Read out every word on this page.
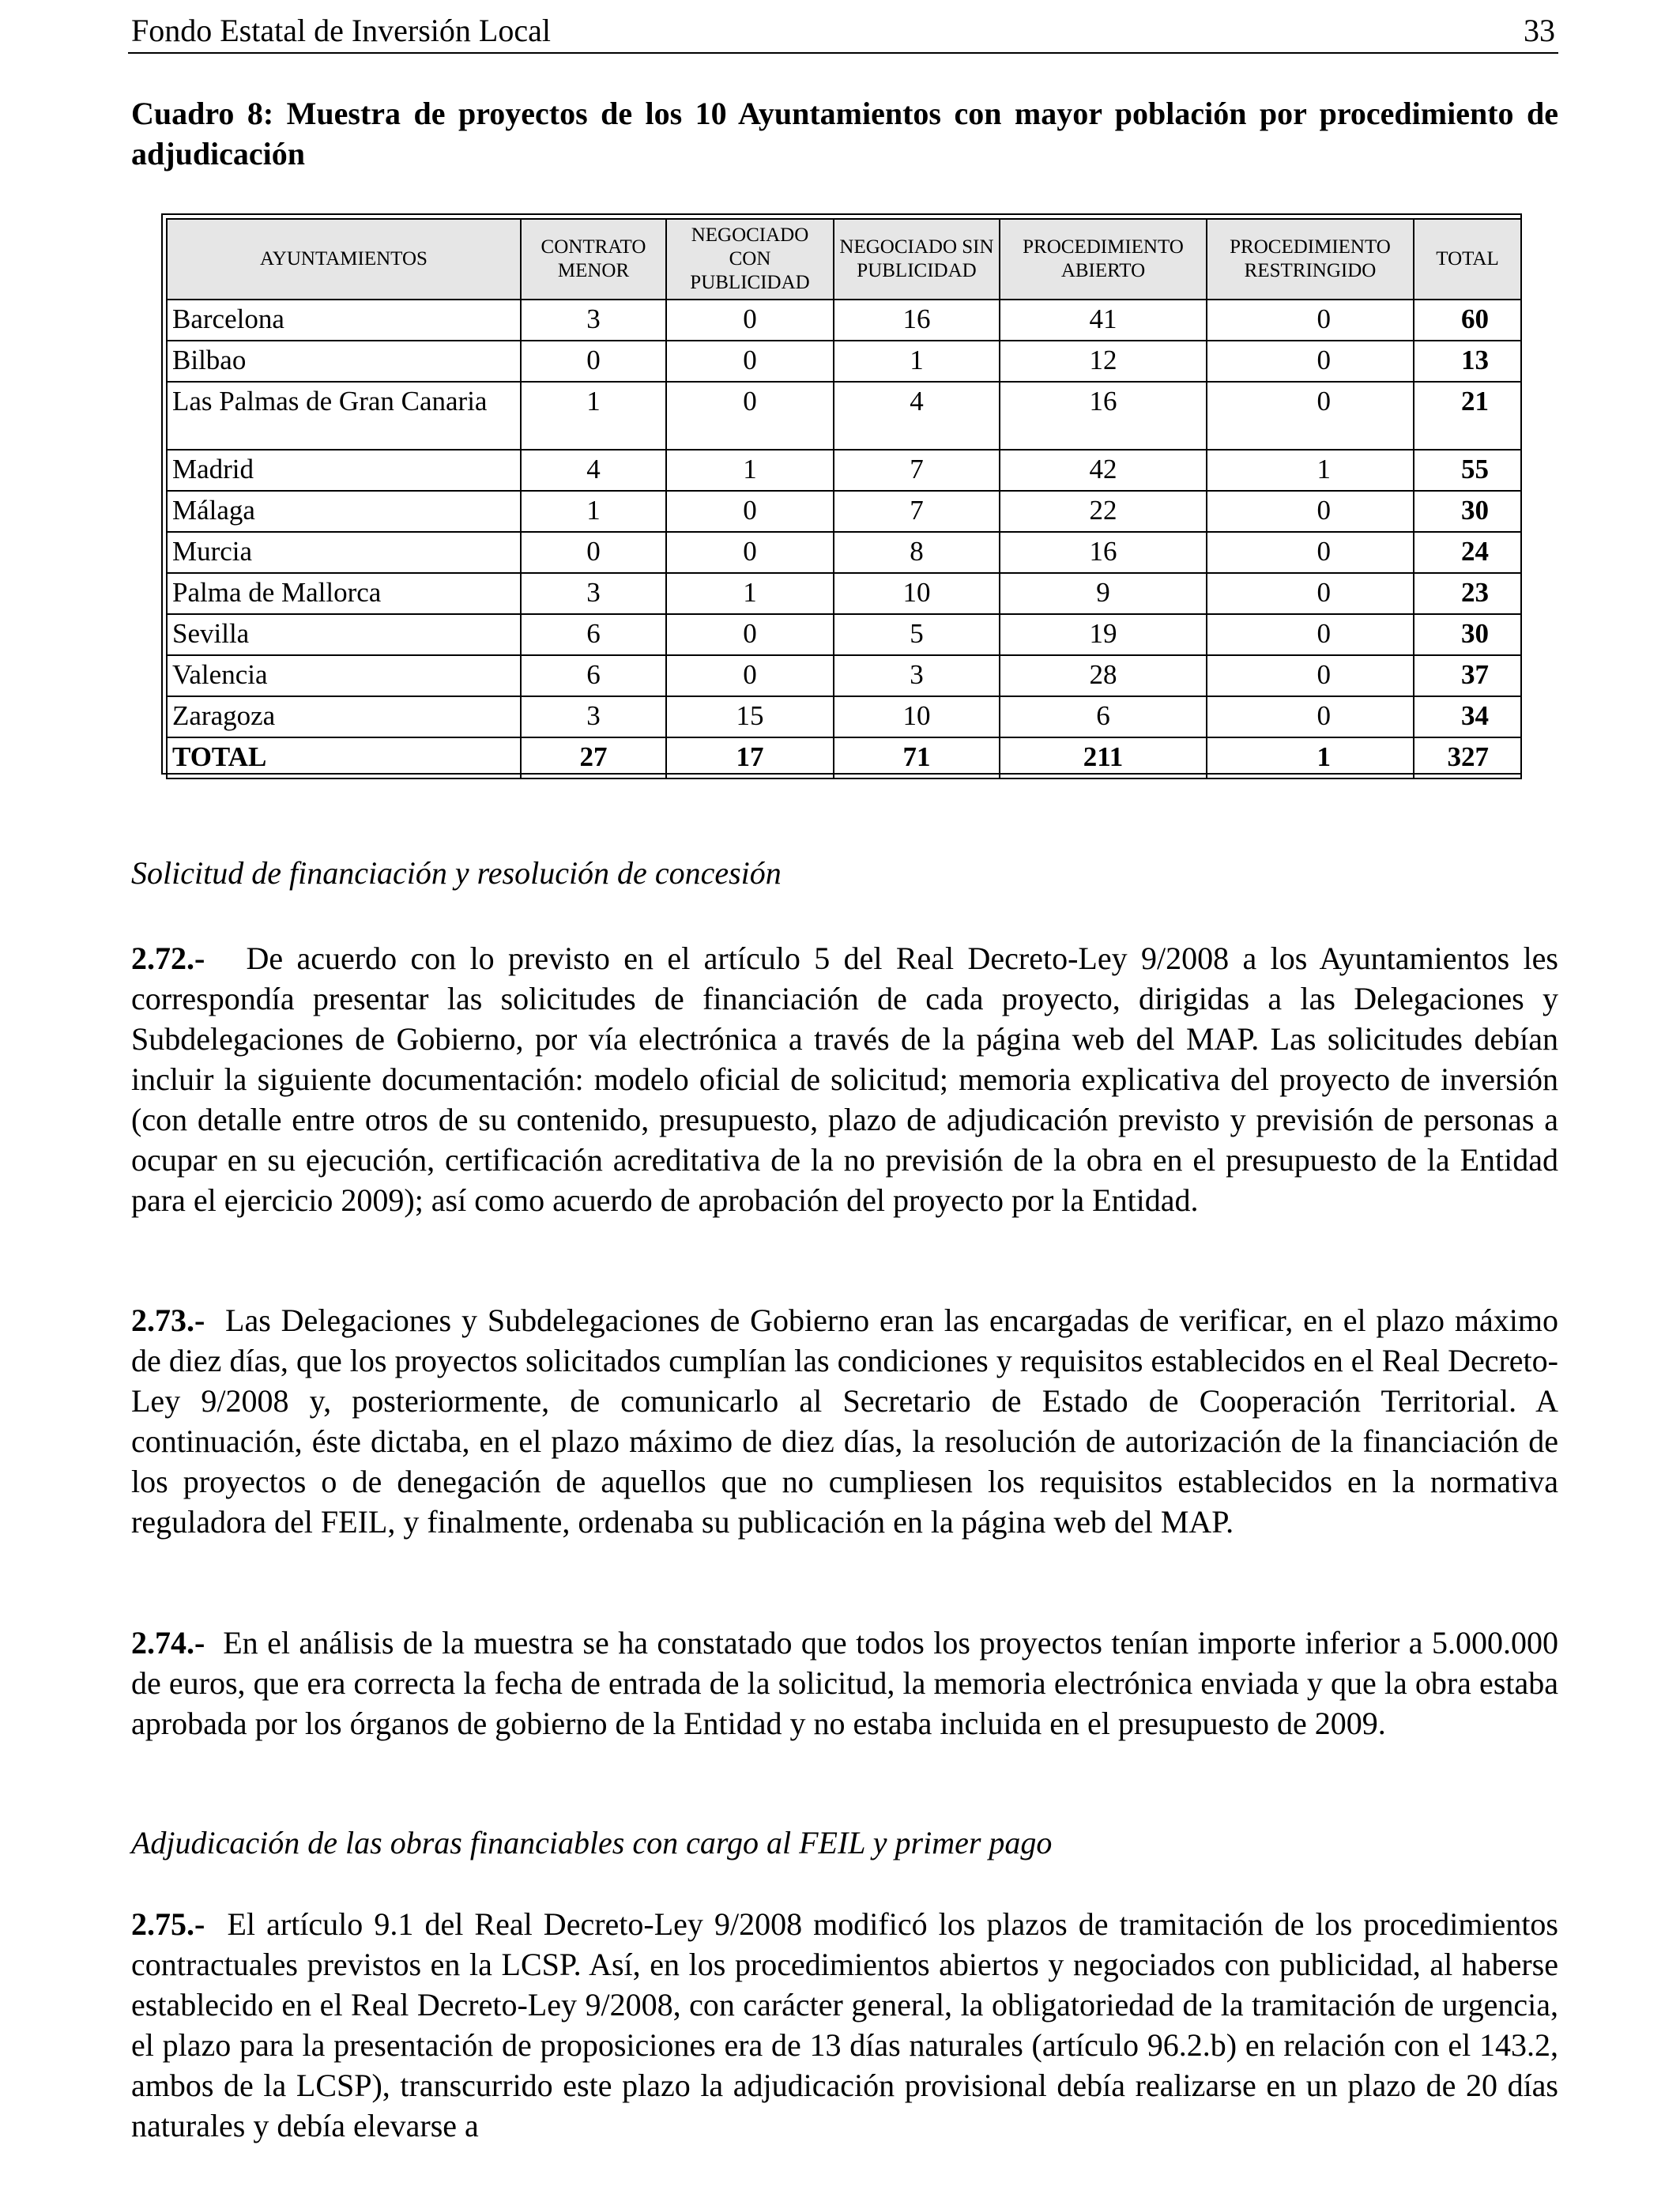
Fondo Estatal de Inversión Local	33
Cuadro 8: Muestra de proyectos de los 10 Ayuntamientos con mayor población por procedimiento de adjudicación
AYUNTAMIENTOS	CONTRATO MENOR	NEGOCIADO CON PUBLICIDAD	NEGOCIADO SIN PUBLICIDAD	PROCEDIMIENTO ABIERTO	PROCEDIMIENTO RESTRINGIDO	TOTAL
Barcelona	3	0	16	41	0	60
Bilbao	0	0	1	12	0	13
Las Palmas de Gran Canaria	1	0	4	16	0	21
Madrid	4	1	7	42	1	55
Málaga	1	0	7	22	0	30
Murcia	0	0	8	16	0	24
Palma de Mallorca	3	1	10	9	0	23
Sevilla	6	0	5	19	0	30
Valencia	6	0	3	28	0	37
Zaragoza	3	15	10	6	0	34
TOTAL	27	17	71	211	1	327
Solicitud de financiación y resolución de concesión
2.72.- De acuerdo con lo previsto en el artículo 5 del Real Decreto-Ley 9/2008 a los Ayuntamientos les correspondía presentar las solicitudes de financiación de cada proyecto, dirigidas a las Delegaciones y Subdelegaciones de Gobierno, por vía electrónica a través de la página web del MAP. Las solicitudes debían incluir la siguiente documentación: modelo oficial de solicitud; memoria explicativa del proyecto de inversión (con detalle entre otros de su contenido, presupuesto, plazo de adjudicación previsto y previsión de personas a ocupar en su ejecución, certificación acreditativa de la no previsión de la obra en el presupuesto de la Entidad para el ejercicio 2009); así como acuerdo de aprobación del proyecto por la Entidad.
2.73.- Las Delegaciones y Subdelegaciones de Gobierno eran las encargadas de verificar, en el plazo máximo de diez días, que los proyectos solicitados cumplían las condiciones y requisitos establecidos en el Real Decreto-Ley 9/2008 y, posteriormente, de comunicarlo al Secretario de Estado de Cooperación Territorial. A continuación, éste dictaba, en el plazo máximo de diez días, la resolución de autorización de la financiación de los proyectos o de denegación de aquellos que no cumpliesen los requisitos establecidos en la normativa reguladora del FEIL, y finalmente, ordenaba su publicación en la página web del MAP.
2.74.- En el análisis de la muestra se ha constatado que todos los proyectos tenían importe inferior a 5.000.000 de euros, que era correcta la fecha de entrada de la solicitud, la memoria electrónica enviada y que la obra estaba aprobada por los órganos de gobierno de la Entidad y no estaba incluida en el presupuesto de 2009.
Adjudicación de las obras financiables con cargo al FEIL y primer pago
2.75.- El artículo 9.1 del Real Decreto-Ley 9/2008 modificó los plazos de tramitación de los procedimientos contractuales previstos en la LCSP. Así, en los procedimientos abiertos y negociados con publicidad, al haberse establecido en el Real Decreto-Ley 9/2008, con carácter general, la obligatoriedad de la tramitación de urgencia, el plazo para la presentación de proposiciones era de 13 días naturales (artículo 96.2.b) en relación con el 143.2, ambos de la LCSP), transcurrido este plazo la adjudicación provisional debía realizarse en un plazo de 20 días naturales y debía elevarse a
